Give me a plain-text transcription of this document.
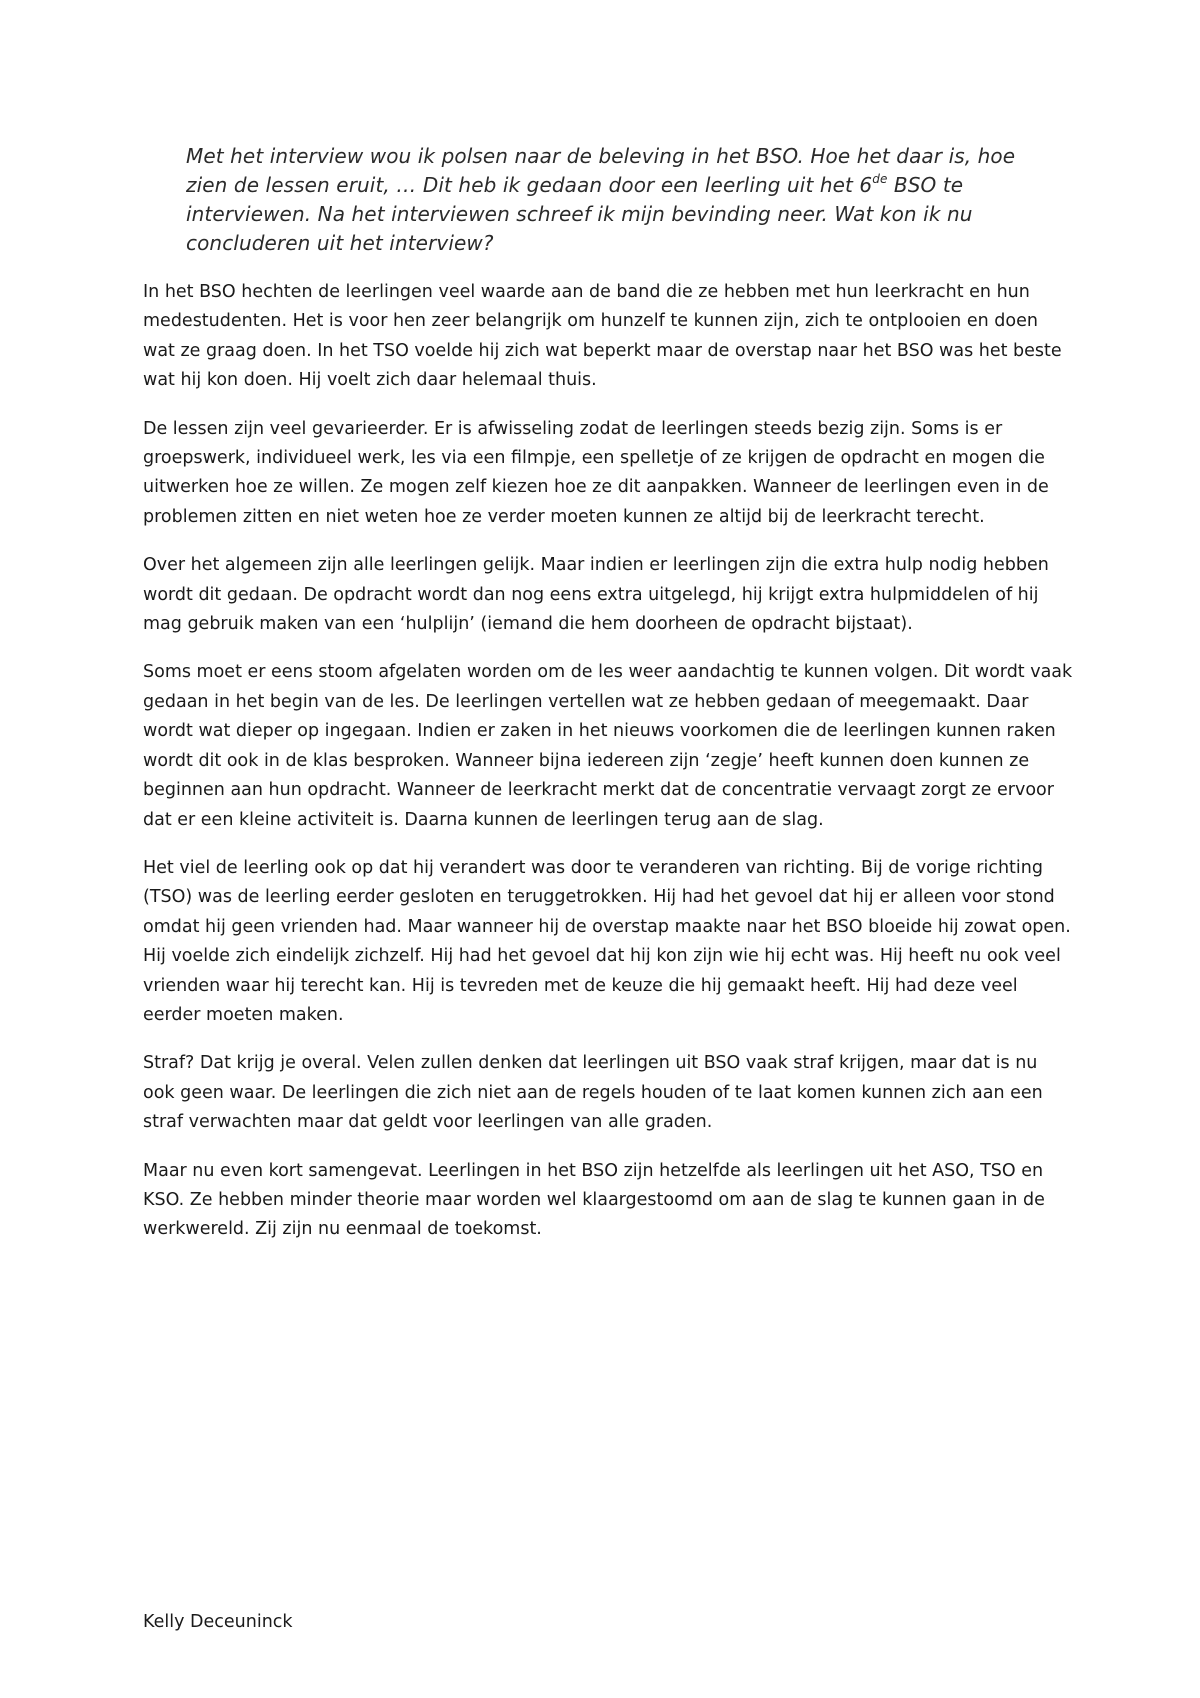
Met het interview wou ik polsen naar de beleving in het BSO. Hoe het daar is, hoe zien de lessen eruit, … Dit heb ik gedaan door een leerling uit het 6de BSO te interviewen. Na het interviewen schreef ik mijn bevinding neer. Wat kon ik nu concluderen uit het interview?

In het BSO hechten de leerlingen veel waarde aan de band die ze hebben met hun leerkracht en hun medestudenten. Het is voor hen zeer belangrijk om hunzelf te kunnen zijn, zich te ontplooien en doen wat ze graag doen. In het TSO voelde hij zich wat beperkt maar de overstap naar het BSO was het beste wat hij kon doen. Hij voelt zich daar helemaal thuis.

De lessen zijn veel gevarieerder. Er is afwisseling zodat de leerlingen steeds bezig zijn. Soms is er groepswerk, individueel werk, les via een filmpje, een spelletje of ze krijgen de opdracht en mogen die uitwerken hoe ze willen. Ze mogen zelf kiezen hoe ze dit aanpakken. Wanneer de leerlingen even in de problemen zitten en niet weten hoe ze verder moeten kunnen ze altijd bij de leerkracht terecht.

Over het algemeen zijn alle leerlingen gelijk. Maar indien er leerlingen zijn die extra hulp nodig hebben wordt dit gedaan. De opdracht wordt dan nog eens extra uitgelegd, hij krijgt extra hulpmiddelen of hij mag gebruik maken van een ‘hulplijn’ (iemand die hem doorheen de opdracht bijstaat).

Soms moet er eens stoom afgelaten worden om de les weer aandachtig te kunnen volgen. Dit wordt vaak gedaan in het begin van de les. De leerlingen vertellen wat ze hebben gedaan of meegemaakt. Daar wordt wat dieper op ingegaan. Indien er zaken in het nieuws voorkomen die de leerlingen kunnen raken wordt dit ook in de klas besproken. Wanneer bijna iedereen zijn ‘zegje’ heeft kunnen doen kunnen ze beginnen aan hun opdracht. Wanneer de leerkracht merkt dat de concentratie vervaagt zorgt ze ervoor dat er een kleine activiteit is. Daarna kunnen de leerlingen terug aan de slag.

Het viel de leerling ook op dat hij verandert was door te veranderen van richting. Bij de vorige richting (TSO) was de leerling eerder gesloten en teruggetrokken. Hij had het gevoel dat hij er alleen voor stond omdat hij geen vrienden had. Maar wanneer hij de overstap maakte naar het BSO bloeide hij zowat open. Hij voelde zich eindelijk zichzelf. Hij had het gevoel dat hij kon zijn wie hij echt was. Hij heeft nu ook veel vrienden waar hij terecht kan. Hij is tevreden met de keuze die hij gemaakt heeft. Hij had deze veel eerder moeten maken.

Straf? Dat krijg je overal. Velen zullen denken dat leerlingen uit BSO vaak straf krijgen, maar dat is nu ook geen waar. De leerlingen die zich niet aan de regels houden of te laat komen kunnen zich aan een straf verwachten maar dat geldt voor leerlingen van alle graden.

Maar nu even kort samengevat. Leerlingen in het BSO zijn hetzelfde als leerlingen uit het ASO, TSO en KSO. Ze hebben minder theorie maar worden wel klaargestoomd om aan de slag te kunnen gaan in de werkwereld. Zij zijn nu eenmaal de toekomst.

Kelly Deceuninck
